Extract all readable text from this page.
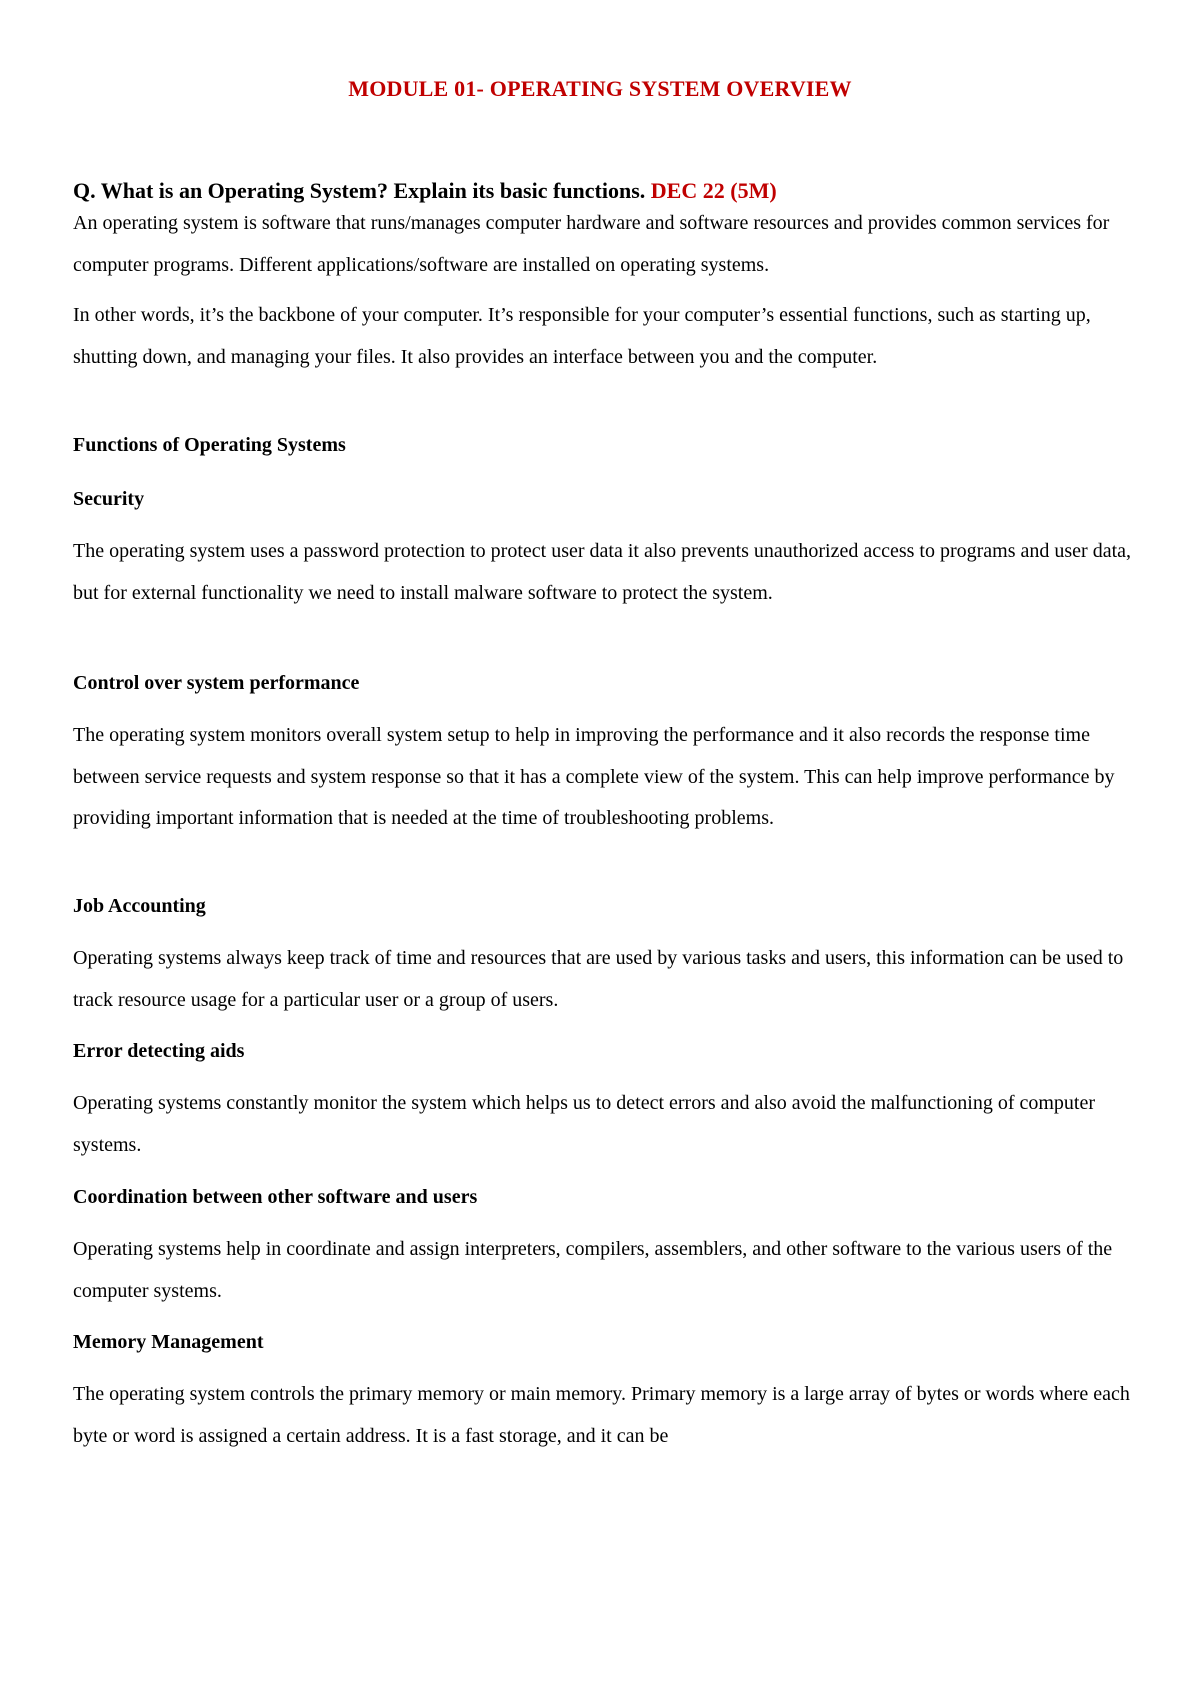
MODULE 01- OPERATING SYSTEM OVERVIEW
Q. What is an Operating System? Explain its basic functions. DEC 22 (5M)
An operating system is software that runs/manages computer hardware and software resources and provides common services for computer programs. Different applications/software are installed on operating systems.
In other words, it’s the backbone of your computer. It’s responsible for your computer’s essential functions, such as starting up, shutting down, and managing your files. It also provides an interface between you and the computer.
Functions of Operating Systems
Security
The operating system uses a password protection to protect user data it also prevents unauthorized access to programs and user data, but for external functionality we need to install malware software to protect the system.
Control over system performance
The operating system monitors overall system setup to help in improving the performance and it also records the response time between service requests and system response so that it has a complete view of the system. This can help improve performance by providing important information that is needed at the time of troubleshooting problems.
Job Accounting
Operating systems always keep track of time and resources that are used by various tasks and users, this information can be used to track resource usage for a particular user or a group of users.
Error detecting aids
Operating systems constantly monitor the system which helps us to detect errors and also avoid the malfunctioning of computer systems.
Coordination between other software and users
Operating systems help in coordinate and assign interpreters, compilers, assemblers, and other software to the various users of the computer systems.
Memory Management
The operating system controls the primary memory or main memory. Primary memory is a large array of bytes or words where each byte or word is assigned a certain address. It is a fast storage, and it can be
